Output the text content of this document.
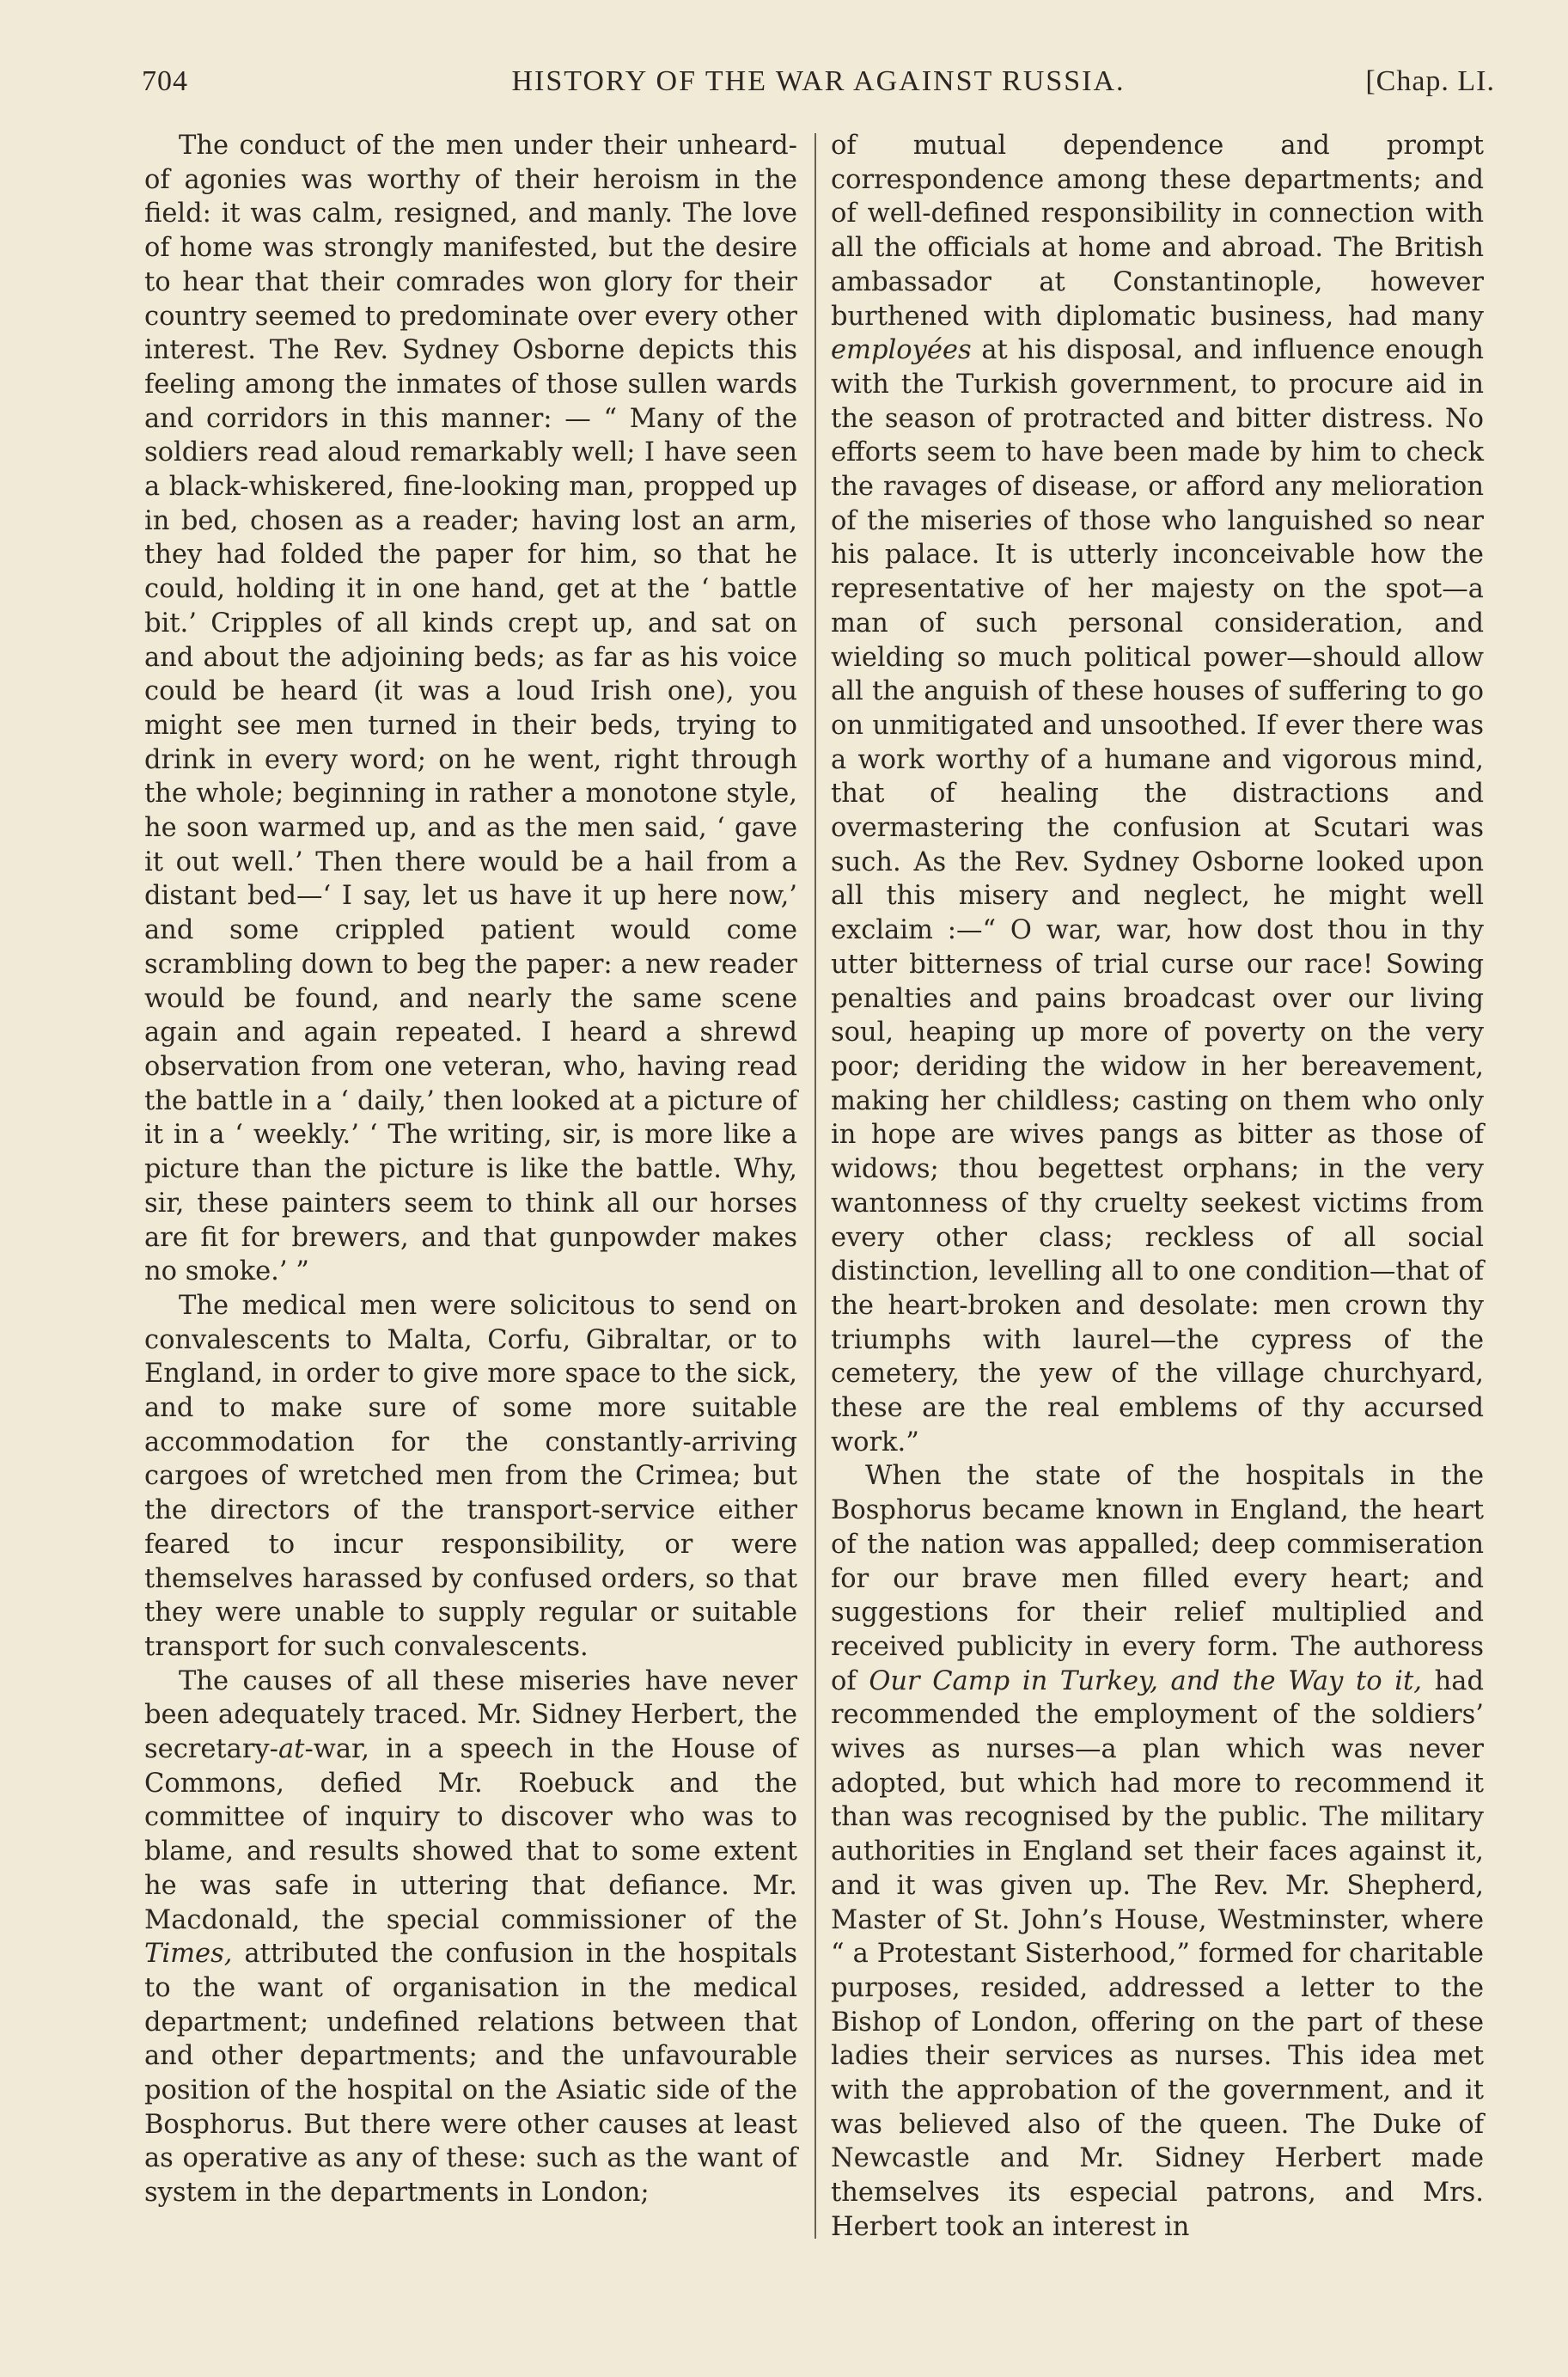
704	HISTORY OF THE WAR AGAINST RUSSIA.	[Chap. LI.

The conduct of the men under their unheard-of agonies was worthy of their heroism in the field: it was calm, resigned, and manly. The love of home was strongly manifested, but the desire to hear that their comrades won glory for their country seemed to predominate over every other interest. The Rev. Sydney Osborne depicts this feeling among the inmates of those sullen wards and corridors in this manner: — “ Many of the soldiers read aloud remarkably well; I have seen a black-whiskered, fine-looking man, propped up in bed, chosen as a reader; having lost an arm, they had folded the paper for him, so that he could, holding it in one hand, get at the ‘ battle bit.’ Cripples of all kinds crept up, and sat on and about the adjoining beds; as far as his voice could be heard (it was a loud Irish one), you might see men turned in their beds, trying to drink in every word; on he went, right through the whole; beginning in rather a monotone style, he soon warmed up, and as the men said, ‘ gave it out well.’ Then there would be a hail from a distant bed—‘ I say, let us have it up here now,’ and some crippled patient would come scrambling down to beg the paper: a new reader would be found, and nearly the same scene again and again repeated. I heard a shrewd observation from one veteran, who, having read the battle in a ‘ daily,’ then looked at a picture of it in a ‘ weekly.’ ‘ The writing, sir, is more like a picture than the picture is like the battle. Why, sir, these painters seem to think all our horses are fit for brewers, and that gunpowder makes no smoke.’ ”

The medical men were solicitous to send on convalescents to Malta, Corfu, Gibraltar, or to England, in order to give more space to the sick, and to make sure of some more suitable accommodation for the constantly-arriving cargoes of wretched men from the Crimea; but the directors of the transport-service either feared to incur responsibility, or were themselves harassed by confused orders, so that they were unable to supply regular or suitable transport for such convalescents.

The causes of all these miseries have never been adequately traced. Mr. Sidney Herbert, the secretary-at-war, in a speech in the House of Commons, defied Mr. Roebuck and the committee of inquiry to discover who was to blame, and results showed that to some extent he was safe in uttering that defiance. Mr. Macdonald, the special commissioner of the Times, attributed the confusion in the hospitals to the want of organisation in the medical department; undefined relations between that and other departments; and the unfavourable position of the hospital on the Asiatic side of the Bosphorus. But there were other causes at least as operative as any of these: such as the want of system in the departments in London;

of mutual dependence and prompt correspondence among these departments; and of well-defined responsibility in connection with all the officials at home and abroad. The British ambassador at Constantinople, however burthened with diplomatic business, had many employées at his disposal, and influence enough with the Turkish government, to procure aid in the season of protracted and bitter distress. No efforts seem to have been made by him to check the ravages of disease, or afford any melioration of the miseries of those who languished so near his palace. It is utterly inconceivable how the representative of her majesty on the spot—a man of such personal consideration, and wielding so much political power—should allow all the anguish of these houses of suffering to go on unmitigated and unsoothed. If ever there was a work worthy of a humane and vigorous mind, that of healing the distractions and overmastering the confusion at Scutari was such. As the Rev. Sydney Osborne looked upon all this misery and neglect, he might well exclaim :—“ O war, war, how dost thou in thy utter bitterness of trial curse our race! Sowing penalties and pains broadcast over our living soul, heaping up more of poverty on the very poor; deriding the widow in her bereavement, making her childless; casting on them who only in hope are wives pangs as bitter as those of widows; thou begettest orphans; in the very wantonness of thy cruelty seekest victims from every other class; reckless of all social distinction, levelling all to one condition—that of the heart-broken and desolate: men crown thy triumphs with laurel—the cypress of the cemetery, the yew of the village churchyard, these are the real emblems of thy accursed work.”

When the state of the hospitals in the Bosphorus became known in England, the heart of the nation was appalled; deep commiseration for our brave men filled every heart; and suggestions for their relief multiplied and received publicity in every form. The authoress of Our Camp in Turkey, and the Way to it, had recommended the employment of the soldiers’ wives as nurses—a plan which was never adopted, but which had more to recommend it than was recognised by the public. The military authorities in England set their faces against it, and it was given up. The Rev. Mr. Shepherd, Master of St. John’s House, Westminster, where “ a Protestant Sisterhood,” formed for charitable purposes, resided, addressed a letter to the Bishop of London, offering on the part of these ladies their services as nurses. This idea met with the approbation of the government, and it was believed also of the queen. The Duke of Newcastle and Mr. Sidney Herbert made themselves its especial patrons, and Mrs. Herbert took an interest in
